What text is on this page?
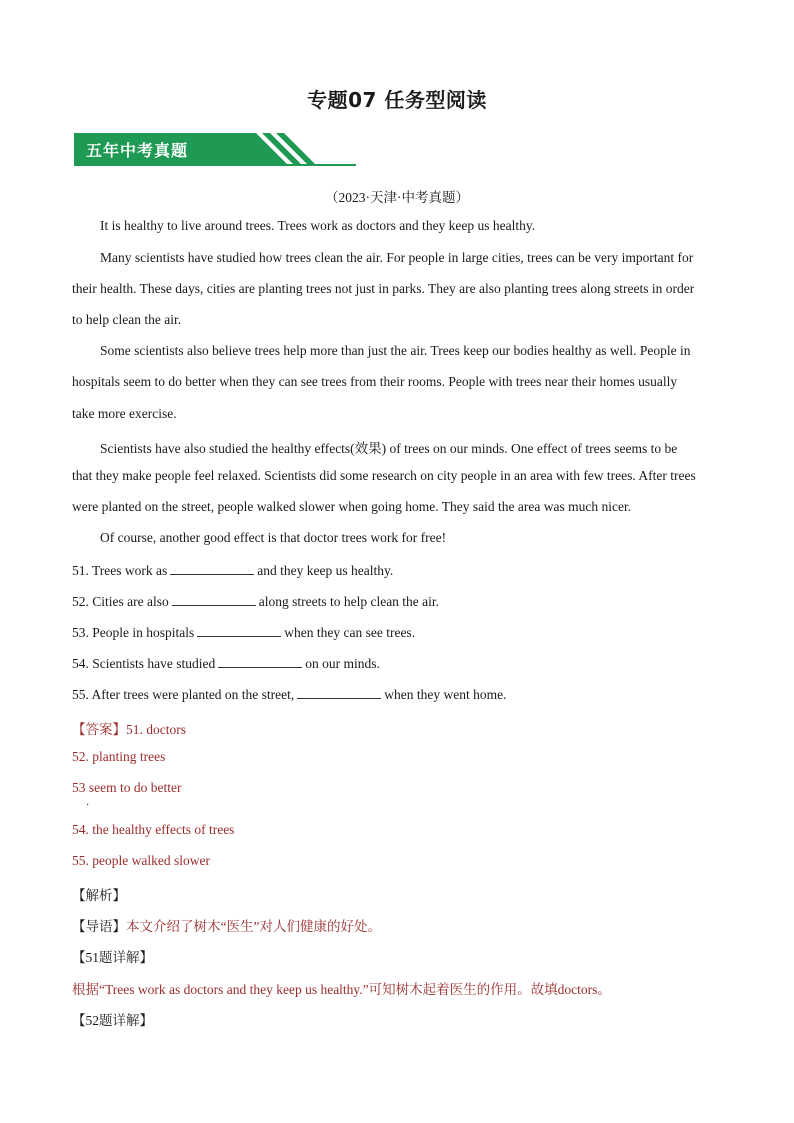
专题07 任务型阅读
五年中考真题
（2023·天津·中考真题）
It is healthy to live around trees. Trees work as doctors and they keep us healthy.
Many scientists have studied how trees clean the air. For people in large cities, trees can be very important for
their health. These days, cities are planting trees not just in parks. They are also planting trees along streets in order
to help clean the air.
Some scientists also believe trees help more than just the air. Trees keep our bodies healthy as well. People in
hospitals seem to do better when they can see trees from their rooms. People with trees near their homes usually
take more exercise.
Scientists have also studied the healthy effects(效果) of trees on our minds. One effect of trees seems to be
that they make people feel relaxed. Scientists did some research on city people in an area with few trees. After trees
were planted on the street, people walked slower when going home. They said the area was much nicer.
Of course, another good effect is that doctor trees work for free!
51. Trees work as	and they keep us healthy.
52. Cities are also	along streets to help clean the air.
53. People in hospitals	when they can see trees.
54. Scientists have studied	on our minds.
55. After trees were planted on the street,	when they went home.
【答案】51. doctors
52. planting trees
53 seem to do better
·
54. the healthy effects of trees
55. people walked slower
【解析】
【导语】本文介绍了树木“医生”对人们健康的好处。
【51题详解】
根据“Trees work as doctors and they keep us healthy.”可知树木起着医生的作用。故填doctors。
【52题详解】
